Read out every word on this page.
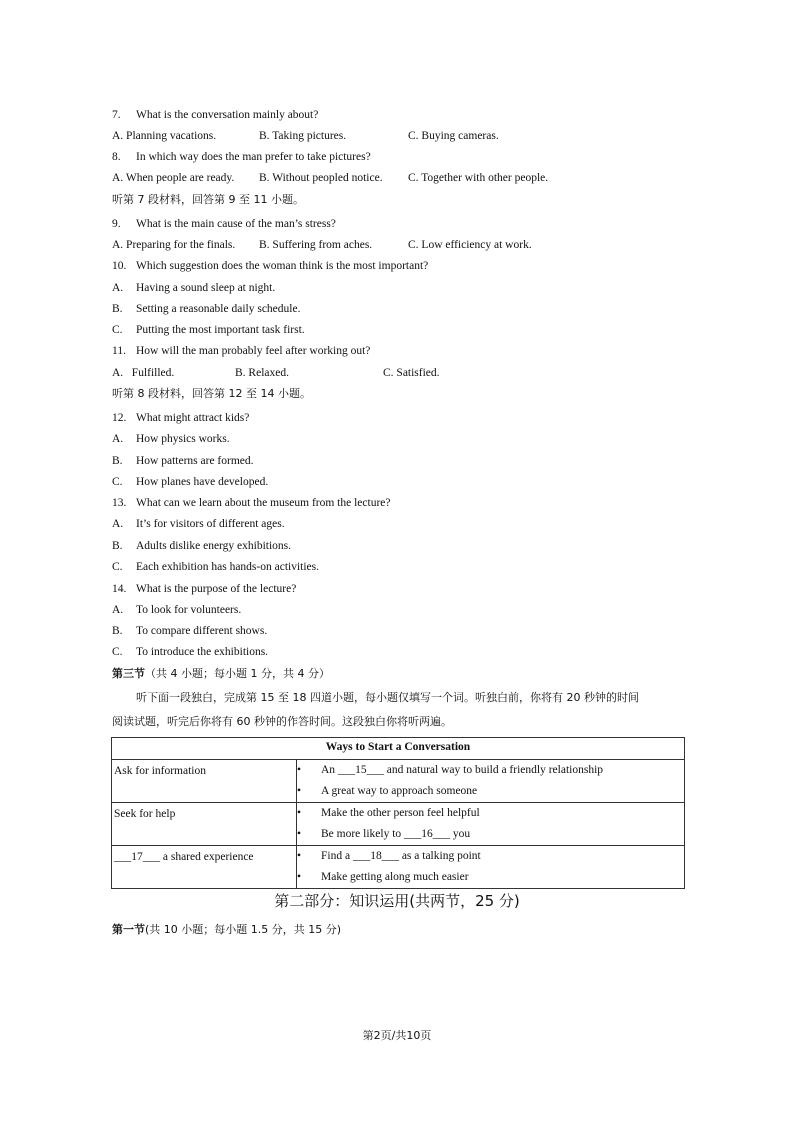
7. What is the conversation mainly about?
A. Planning vacations.	B. Taking pictures.	C. Buying cameras.
8. In which way does the man prefer to take pictures?
A. When people are ready. B. Without peopled notice. C. Together with other people.
听第 7 段材料，回答第 9 至 11 小题。
9. What is the main cause of the man’s stress?
A. Preparing for the finals. B. Suffering from aches.	C. Low efficiency at work.
10. Which suggestion does the woman think is the most important?
A. Having a sound sleep at night.
B. Setting a reasonable daily schedule.
C. Putting the most important task first.
11. How will the man probably feel after working out?
A.   Fulfilled.	B. Relaxed.	C. Satisfied.
听第 8 段材料，回答第 12 至 14 小题。
12. What might attract kids?
A. How physics works.
B. How patterns are formed.
C. How planes have developed.
13. What can we learn about the museum from the lecture?
A. It’s for visitors of different ages.
B. Adults dislike energy exhibitions.
C. Each exhibition has hands-on activities.
14. What is the purpose of the lecture?
A. To look for volunteers.
B. To compare different shows.
C. To introduce the exhibitions.
第三节（共 4 小题；每小题 1 分，共 4 分）
听下面一段独白，完成第 15 至 18 四道小题，每小题仅填写一个词。听独白前，你将有 20 秒钟的时间
阅读试题，听完后你将有 60 秒钟的作答时间。这段独白你将听两遍。
Ways to Start a Conversation	
Ask for information	• An ___15___ and natural way to build a friendly relationship
• A great way to approach someone

Seek for help	• Make the other person feel helpful
• Be more likely to ___16___ you

___17___ a shared experience	• Find a ___18___ as a talking point
• Make getting along much easier
第二部分：知识运用(共两节，25 分)
第一节(共 10 小题；每小题 1.5 分，共 15 分)
第2页/共10页
